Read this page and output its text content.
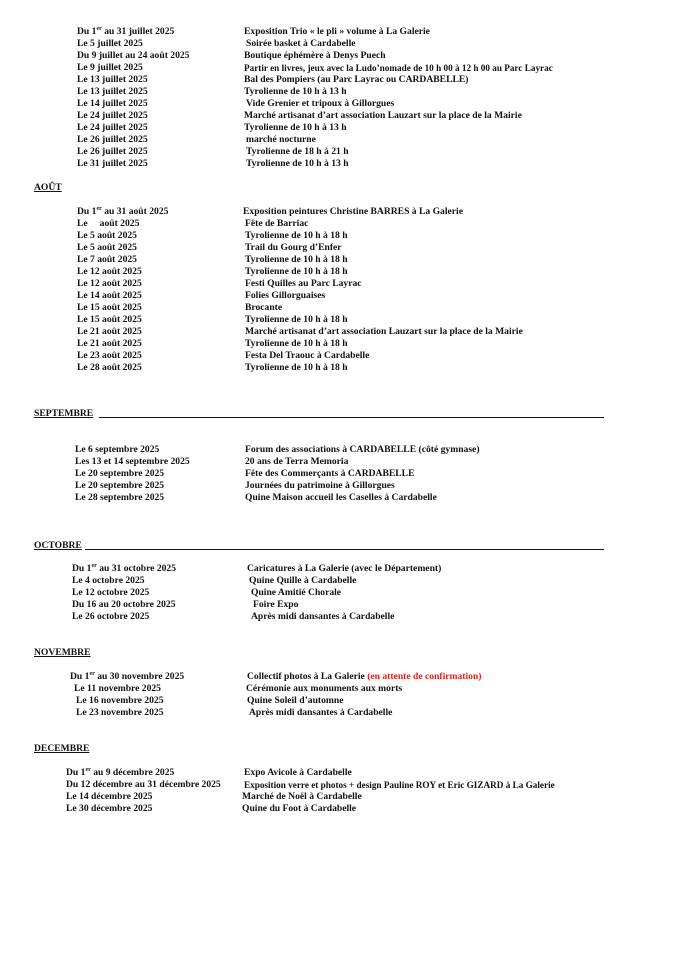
Du 1er au 31 juillet 2025	Exposition Trio « le pli » volume à La Galerie
Le 5 juillet 2025	Soirée basket à Cardabelle
Du 9 juillet au 24 août 2025	Boutique éphémère à Denys Puech
Le 9 juillet 2025	Partir en livres, jeux avec la Ludo’nomade de 10 h 00 à 12 h 00 au Parc Layrac
Le 13 juillet 2025	Bal des Pompiers (au Parc Layrac ou CARDABELLE)
Le 13 juillet 2025	Tyrolienne de 10 h à 13 h
Le 14 juillet 2025	Vide Grenier et tripoux à Gillorgues
Le 24 juillet 2025	Marché artisanat d’art association Lauzart sur la place de la Mairie
Le 24 juillet 2025	Tyrolienne de 10 h à 13 h
Le 26 juillet 2025	marché nocturne
Le 26 juillet 2025	Tyrolienne de 18 h à 21 h
Le 31 juillet 2025	Tyrolienne de 10 h à 13 h
AOÛT
Du 1er au 31 août 2025	Exposition peintures Christine BARRES à La Galerie
Le     août 2025	Fête de Barriac
Le 5 août 2025	Tyrolienne de 10 h à 18 h
Le 5 août 2025	Trail du Gourg d’Enfer
Le 7 août 2025	Tyrolienne de 10 h à 18 h
Le 12 août 2025	Tyrolienne de 10 h à 18 h
Le 12 août 2025	Festi Quilles au Parc Layrac
Le 14 août 2025	Folies Gillorguaises
Le 15 août 2025	Brocante
Le 15 août 2025	Tyrolienne de 10 h à 18 h
Le 21 août 2025	Marché artisanat d’art association Lauzart sur la place de la Mairie
Le 21 août 2025	Tyrolienne de 10 h à 18 h
Le 23 août 2025	Festa Del Traouc à Cardabelle
Le 28 août 2025	Tyrolienne de 10 h à 18 h
SEPTEMBRE
Le 6 septembre 2025	Forum des associations à CARDABELLE (côté gymnase)
Les 13 et 14 septembre 2025	20 ans de Terra Memoria
Le 20 septembre 2025	Fête des Commerçants à CARDABELLE
Le 20 septembre 2025	Journées du patrimoine à Gillorgues
Le 28 septembre 2025	Quine Maison accueil les Caselles à Cardabelle
OCTOBRE
Du 1er au 31 octobre 2025	Caricatures à La Galerie (avec le Département)
Le 4 octobre 2025	Quine Quille à Cardabelle
Le 12 octobre 2025	Quine Amitié Chorale
Du 16 au 20 octobre 2025	Foire Expo
Le 26 octobre 2025	Après midi dansantes à Cardabelle
NOVEMBRE
Du 1er au 30 novembre 2025	Collectif photos à La Galerie (en attente de confirmation)
Le 11 novembre 2025	Cérémonie aux monuments aux morts
Le 16 novembre 2025	Quine Soleil d’automne
Le 23 novembre 2025	Après midi dansantes à Cardabelle
DECEMBRE
Du 1er au 9 décembre 2025	Expo Avicole à Cardabelle
Du 12 décembre au 31 décembre 2025	Exposition verre et photos + design Pauline ROY et Eric GIZARD à La Galerie
Le 14 décembre 2025	Marché de Noël à Cardabelle
Le 30 décembre 2025	Quine du Foot à Cardabelle
